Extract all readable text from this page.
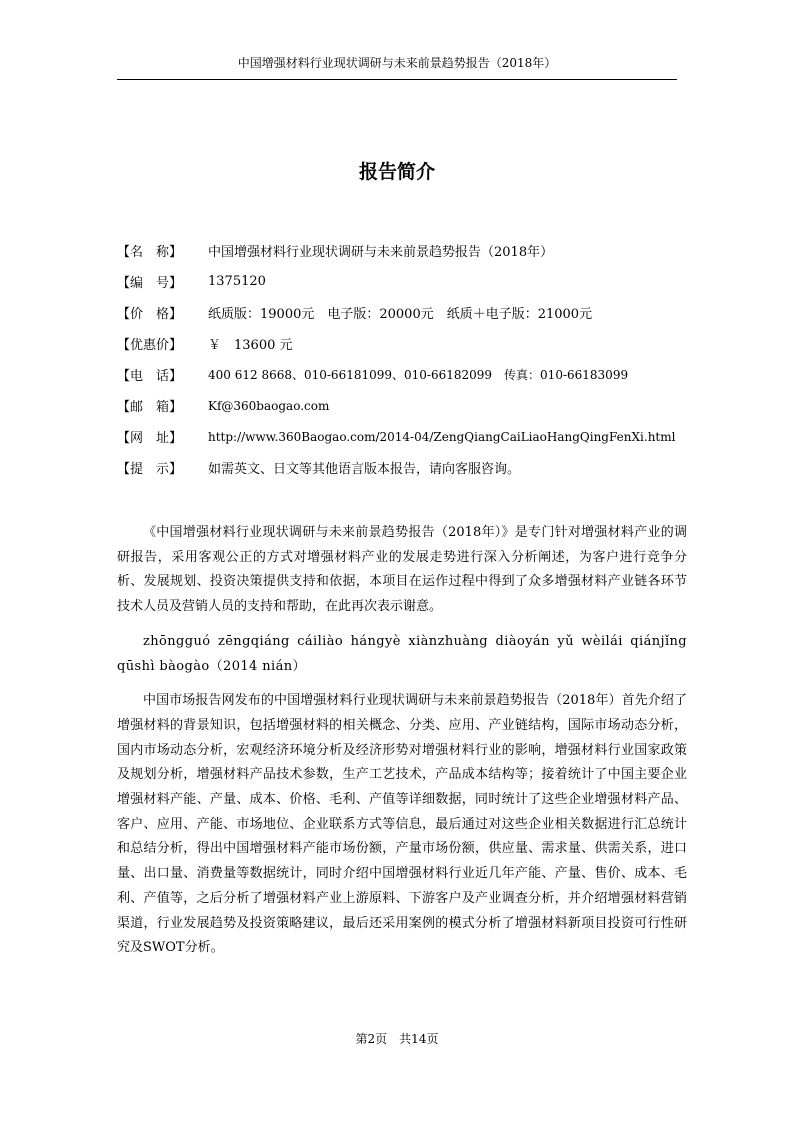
中国增强材料行业现状调研与未来前景趋势报告（2018年）
报告简介
【名　称】	中国增强材料行业现状调研与未来前景趋势报告（2018年）
【编　号】	1375120
【价　格】	纸质版：19000元　电子版：20000元　纸质＋电子版：21000元
【优惠价】	￥　13600 元
【电　话】	400 612 8668、010-66181099、010-66182099　传真：010-66183099
【邮　箱】	Kf@360baogao.com
【网　址】	http://www.360Baogao.com/2014-04/ZengQiangCaiLiaoHangQingFenXi.html
【提　示】	如需英文、日文等其他语言版本报告，请向客服咨询。

《中国增强材料行业现状调研与未来前景趋势报告（2018年）》是专门针对增强材料产业的调研报告，采用客观公正的方式对增强材料产业的发展走势进行深入分析阐述，为客户进行竞争分析、发展规划、投资决策提供支持和依据，本项目在运作过程中得到了众多增强材料产业链各环节技术人员及营销人员的支持和帮助，在此再次表示谢意。

zhōngguó zēngqiáng cáiliào hángyè xiànzhuàng diàoyán yǔ wèilái qiánjǐng qūshì bàogào（2014 nián）

中国市场报告网发布的中国增强材料行业现状调研与未来前景趋势报告（2018年）首先介绍了增强材料的背景知识，包括增强材料的相关概念、分类、应用、产业链结构，国际市场动态分析，国内市场动态分析，宏观经济环境分析及经济形势对增强材料行业的影响，增强材料行业国家政策及规划分析，增强材料产品技术参数，生产工艺技术，产品成本结构等；接着统计了中国主要企业增强材料产能、产量、成本、价格、毛利、产值等详细数据，同时统计了这些企业增强材料产品、客户、应用、产能、市场地位、企业联系方式等信息，最后通过对这些企业相关数据进行汇总统计和总结分析，得出中国增强材料产能市场份额，产量市场份额，供应量、需求量、供需关系，进口量、出口量、消费量等数据统计，同时介绍中国增强材料行业近几年产能、产量、售价、成本、毛利、产值等，之后分析了增强材料产业上游原料、下游客户及产业调查分析，并介绍增强材料营销渠道，行业发展趋势及投资策略建议，最后还采用案例的模式分析了增强材料新项目投资可行性研究及SWOT分析。

第2页　共14页
